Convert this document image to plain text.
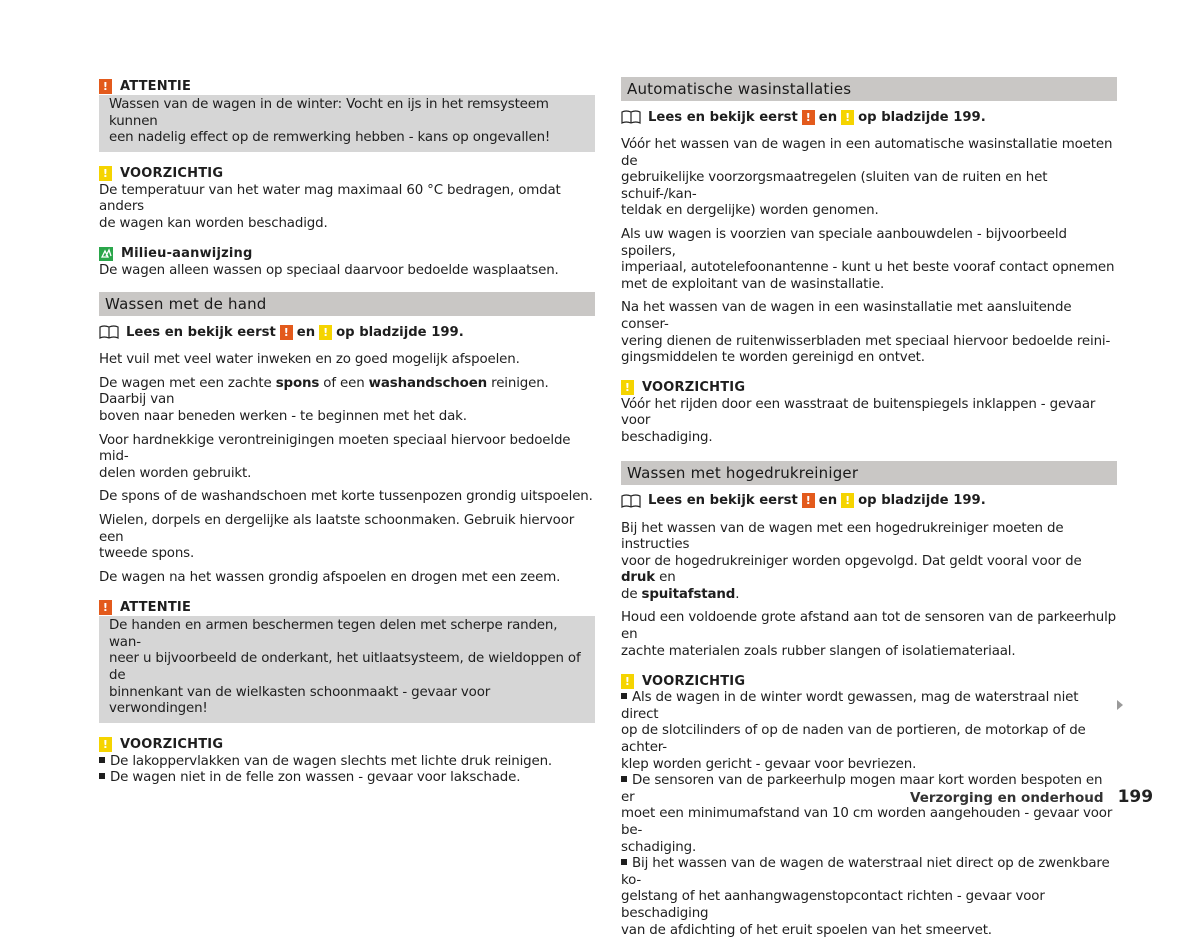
! ATTENTIE
Wassen van de wagen in de winter: Vocht en ijs in het remsysteem kunnen
een nadelig effect op de remwerking hebben - kans op ongevallen!
! VOORZICHTIG
De temperatuur van het water mag maximaal 60 °C bedragen, omdat anders
de wagen kan worden beschadigd.
Milieu-aanwijzing
De wagen alleen wassen op speciaal daarvoor bedoelde wasplaatsen.
Wassen met de hand
Lees en bekijk eerst ! en ! op bladzijde 199.

Het vuil met veel water inweken en zo goed mogelijk afspoelen.

De wagen met een zachte spons of een washandschoen reinigen. Daarbij van
boven naar beneden werken - te beginnen met het dak.

Voor hardnekkige verontreinigingen moeten speciaal hiervoor bedoelde mid-
delen worden gebruikt.

De spons of de washandschoen met korte tussenpozen grondig uitspoelen.

Wielen, dorpels en dergelijke als laatste schoonmaken. Gebruik hiervoor een
tweede spons.

De wagen na het wassen grondig afspoelen en drogen met een zeem.

! ATTENTIE
De handen en armen beschermen tegen delen met scherpe randen, wan-
neer u bijvoorbeeld de onderkant, het uitlaatsysteem, de wieldoppen of de
binnenkant van de wielkasten schoonmaakt - gevaar voor verwondingen!
! VOORZICHTIG
De lakoppervlakken van de wagen slechts met lichte druk reinigen.
De wagen niet in de felle zon wassen - gevaar voor lakschade.
Automatische wasinstallaties
Lees en bekijk eerst ! en ! op bladzijde 199.

Vóór het wassen van de wagen in een automatische wasinstallatie moeten de
gebruikelijke voorzorgsmaatregelen (sluiten van de ruiten en het schuif-/kan-
teldak en dergelijke) worden genomen.

Als uw wagen is voorzien van speciale aanbouwdelen - bijvoorbeeld spoilers,
imperiaal, autotelefoonantenne - kunt u het beste vooraf contact opnemen
met de exploitant van de wasinstallatie.

Na het wassen van de wagen in een wasinstallatie met aansluitende conser-
vering dienen de ruitenwisserbladen met speciaal hiervoor bedoelde reini-
gingsmiddelen te worden gereinigd en ontvet.

! VOORZICHTIG
Vóór het rijden door een wasstraat de buitenspiegels inklappen - gevaar voor
beschadiging.
Wassen met hogedrukreiniger
Lees en bekijk eerst ! en ! op bladzijde 199.

Bij het wassen van de wagen met een hogedrukreiniger moeten de instructies
voor de hogedrukreiniger worden opgevolgd. Dat geldt vooral voor de druk en
de spuitafstand.

Houd een voldoende grote afstand aan tot de sensoren van de parkeerhulp en
zachte materialen zoals rubber slangen of isolatiemateriaal.

! VOORZICHTIG
Als de wagen in de winter wordt gewassen, mag de waterstraal niet direct
op de slotcilinders of op de naden van de portieren, de motorkap of de achter-
klep worden gericht - gevaar voor bevriezen.
De sensoren van de parkeerhulp mogen maar kort worden bespoten en er
moet een minimumafstand van 10 cm worden aangehouden - gevaar voor be-
schadiging.
Bij het wassen van de wagen de waterstraal niet direct op de zwenkbare ko-
gelstang of het aanhangwagenstopcontact richten - gevaar voor beschadiging
van de afdichting of het eruit spoelen van het smeervet.
Verzorging en onderhoud 199
